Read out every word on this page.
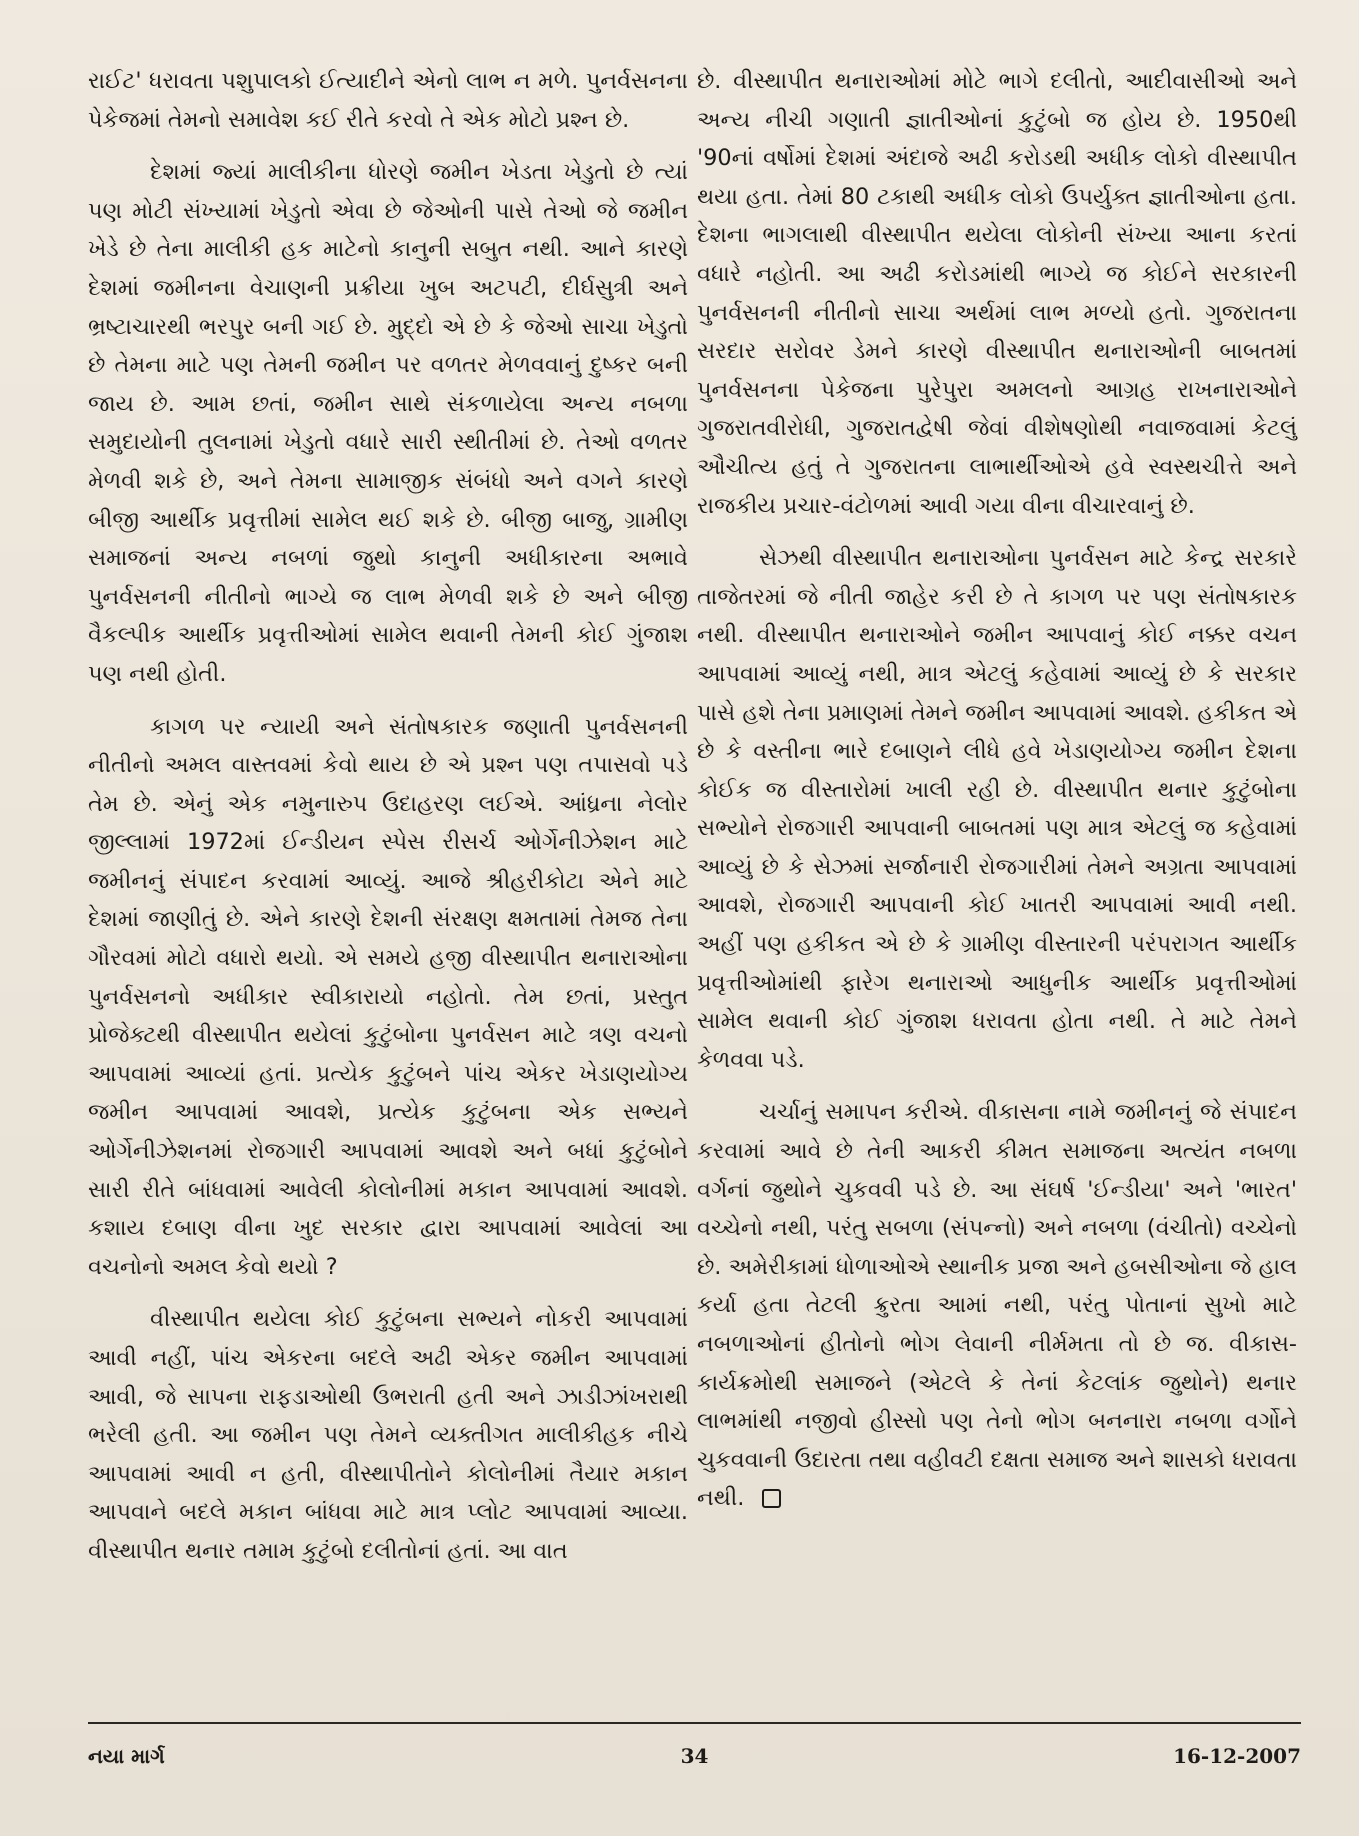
રાઈટ' ધરાવતા પશુપાલકો ઈત્યાદીને એનો લાભ ન મળે. પુનર્વસનના પેકેજમાં તેમનો સમાવેશ કઈ રીતે કરવો તે એક મોટો પ્રશ્ન છે.

દેશમાં જ્યાં માલીકીના ધોરણે જમીન ખેડતા ખેડુતો છે ત્યાં પણ મોટી સંખ્યામાં ખેડુતો એવા છે જેઓની પાસે તેઓ જે જમીન ખેડે છે તેના માલીકી હક માટેનો કાનુની સબુત નથી. આને કારણે દેશમાં જમીનના વેચાણની પ્રક્રીયા ખુબ અટપટી, દીર્ઘસુત્રી અને ભ્રષ્ટાચારથી ભરપુર બની ગઈ છે. મુદ્દો એ છે કે જેઓ સાચા ખેડુતો છે તેમના માટે પણ તેમની જમીન પર વળતર મેળવવાનું દુષ્કર બની જાય છે. આમ છતાં, જમીન સાથે સંકળાયેલા અન્ય નબળા સમુદાયોની તુલનામાં ખેડુતો વધારે સારી સ્થીતીમાં છે. તેઓ વળતર મેળવી શકે છે, અને તેમના સામાજીક સંબંધો અને વગને કારણે બીજી આર્થીક પ્રવૃત્તીમાં સામેલ થઈ શકે છે. બીજી બાજુ, ગ્રામીણ સમાજનાં અન્ય નબળાં જુથો કાનુની અધીકારના અભાવે પુનર્વસનની નીતીનો ભાગ્યે જ લાભ મેળવી શકે છે અને બીજી વૈકલ્પીક આર્થીક પ્રવૃત્તીઓમાં સામેલ થવાની તેમની કોઈ ગુંજાશ પણ નથી હોતી.

કાગળ પર ન્યાયી અને સંતોષકારક જણાતી પુનર્વસનની નીતીનો અમલ વાસ્તવમાં કેવો થાય છે એ પ્રશ્ન પણ તપાસવો પડે તેમ છે. એનું એક નમુનારુપ ઉદાહરણ લઈએ. આંધ્રના નેલોર જીલ્લામાં 1972માં ઈન્ડીયન સ્પેસ રીસર્ચ ઓર્ગેનીઝેશન માટે જમીનનું સંપાદન કરવામાં આવ્યું. આજે શ્રીહરીકોટા એને માટે દેશમાં જાણીતું છે. એને કારણે દેશની સંરક્ષણ ક્ષમતામાં તેમજ તેના ગૌરવમાં મોટો વધારો થયો. એ સમયે હજી વીસ્થાપીત થનારાઓના પુનર્વસનનો અધીકાર સ્વીકારાયો નહોતો. તેમ છતાં, પ્રસ્તુત પ્રોજેક્ટથી વીસ્થાપીત થયેલાં કુટુંબોના પુનર્વસન માટે ત્રણ વચનો આપવામાં આવ્યાં હતાં. પ્રત્યેક કુટુંબને પાંચ એકર ખેડાણયોગ્ય જમીન આપવામાં આવશે, પ્રત્યેક કુટુંબના એક સભ્યને ઓર્ગેનીઝેશનમાં રોજગારી આપવામાં આવશે અને બધાં કુટુંબોને સારી રીતે બાંધવામાં આવેલી કોલોનીમાં મકાન આપવામાં આવશે. કશાય દબાણ વીના ખુદ સરકાર દ્વારા આપવામાં આવેલાં આ વચનોનો અમલ કેવો થયો ?

વીસ્થાપીત થયેલા કોઈ કુટુંબના સભ્યને નોકરી આપવામાં આવી નહીં, પાંચ એકરના બદલે અઢી એકર જમીન આપવામાં આવી, જે સાપના રાફડાઓથી ઉભરાતી હતી અને ઝાડીઝાંખરાથી ભરેલી હતી. આ જમીન પણ તેમને વ્યક્તીગત માલીકીહક નીચે આપવામાં આવી ન હતી, વીસ્થાપીતોને કોલોનીમાં તૈયાર મકાન આપવાને બદલે મકાન બાંધવા માટે માત્ર પ્લોટ આપવામાં આવ્યા. વીસ્થાપીત થનાર તમામ કુટુંબો દલીતોનાં હતાં. આ વાત

છે. વીસ્થાપીત થનારાઓમાં મોટે ભાગે દલીતો, આદીવાસીઓ અને અન્ય નીચી ગણાતી જ્ઞાતીઓનાં કુટુંબો જ હોય છે. 1950થી '90નાં વર્ષોમાં દેશમાં અંદાજે અઢી કરોડથી અધીક લોકો વીસ્થાપીત થયા હતા. તેમાં 80 ટકાથી અધીક લોકો ઉપર્યુક્ત જ્ઞાતીઓના હતા. દેશના ભાગલાથી વીસ્થાપીત થયેલા લોકોની સંખ્યા આના કરતાં વધારે નહોતી. આ અઢી કરોડમાંથી ભાગ્યે જ કોઈને સરકારની પુનર્વસનની નીતીનો સાચા અર્થમાં લાભ મળ્યો હતો. ગુજરાતના સરદાર સરોવર ડેમને કારણે વીસ્થાપીત થનારાઓની બાબતમાં પુનર્વસનના પેકેજના પુરેપુરા અમલનો આગ્રહ રાખનારાઓને ગુજરાતવીરોધી, ગુજરાતદ્વેષી જેવાં વીશેષણોથી નવાજવામાં કેટલું ઔચીત્ય હતું તે ગુજરાતના લાભાર્થીઓએ હવે સ્વસ્થચીત્તે અને રાજકીય પ્રચાર-વંટોળમાં આવી ગયા વીના વીચારવાનું છે.

સેઝથી વીસ્થાપીત થનારાઓના પુનર્વસન માટે કેન્દ્ર સરકારે તાજેતરમાં જે નીતી જાહેર કરી છે તે કાગળ પર પણ સંતોષકારક નથી. વીસ્થાપીત થનારાઓને જમીન આપવાનું કોઈ નક્કર વચન આપવામાં આવ્યું નથી, માત્ર એટલું કહેવામાં આવ્યું છે કે સરકાર પાસે હશે તેના પ્રમાણમાં તેમને જમીન આપવામાં આવશે. હકીકત એ છે કે વસ્તીના ભારે દબાણને લીધે હવે ખેડાણયોગ્ય જમીન દેશના કોઈક જ વીસ્તારોમાં ખાલી રહી છે. વીસ્થાપીત થનાર કુટુંબોના સભ્યોને રોજગારી આપવાની બાબતમાં પણ માત્ર એટલું જ કહેવામાં આવ્યું છે કે સેઝમાં સર્જાનારી રોજગારીમાં તેમને અગ્રતા આપવામાં આવશે, રોજગારી આપવાની કોઈ ખાતરી આપવામાં આવી નથી. અહીં પણ હકીકત એ છે કે ગ્રામીણ વીસ્તારની પરંપરાગત આર્થીક પ્રવૃત્તીઓમાંથી ફારેગ થનારાઓ આધુનીક આર્થીક પ્રવૃત્તીઓમાં સામેલ થવાની કોઈ ગુંજાશ ધરાવતા હોતા નથી. તે માટે તેમને કેળવવા પડે.

ચર્ચાનું સમાપન કરીએ. વીકાસના નામે જમીનનું જે સંપાદન કરવામાં આવે છે તેની આકરી કીમત સમાજના અત્યંત નબળા વર્ગનાં જુથોને ચુકવવી પડે છે. આ સંઘર્ષ 'ઈન્ડીયા' અને 'ભારત' વચ્ચેનો નથી, પરંતુ સબળા (સંપન્નો) અને નબળા (વંચીતો) વચ્ચેનો છે. અમેરીકામાં ધોળાઓએ સ્થાનીક પ્રજા અને હબસીઓના જે હાલ કર્યા હતા તેટલી ક્રુરતા આમાં નથી, પરંતુ પોતાનાં સુખો માટે નબળાઓનાં હીતોનો ભોગ લેવાની નીર્મમતા તો છે જ. વીકાસ-કાર્યક્રમોથી સમાજને (એટલે કે તેનાં કેટલાંક જુથોને) થનાર લાભમાંથી નજીવો હીસ્સો પણ તેનો ભોગ બનનારા નબળા વર્ગોને ચુકવવાની ઉદારતા તથા વહીવટી દક્ષતા સમાજ અને શાસકો ધરાવતા નથી.

નયા માર્ગ	34	16-12-2007
